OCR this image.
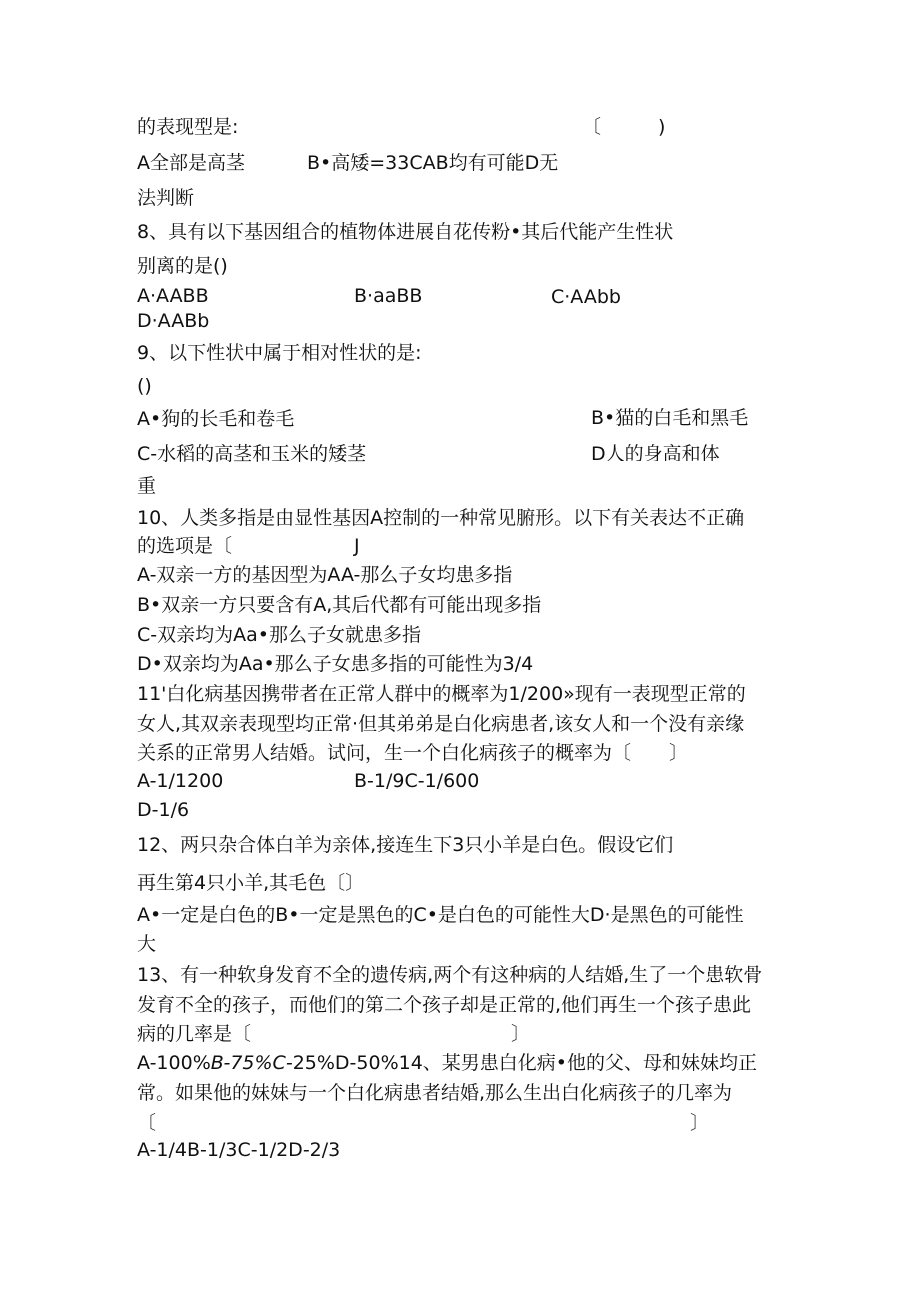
的表现型是:	〔　　　)
A全部是高茎	B•高矮=33CAB均有可能D无
法判断
8、具有以下基因组合的植物体进展自花传粉•其后代能产生性状
别离的是()
A·AABB	B·aaBB	C·AAbb
D·AABb
9、以下性状中属于相对性状的是:
()
A•狗的长毛和卷毛	B•猫的白毛和黑毛
C-水稻的高茎和玉米的矮茎	D人的身高和体
重
10、人类多指是由显性基因A控制的一种常见腑形。以下有关表达不正确
的选项是〔	J
A-双亲一方的基因型为AA-那么子女均患多指
B•双亲一方只要含有A,其后代都有可能出现多指
C-双亲均为Aa•那么子女就患多指
D•双亲均为Aa•那么子女患多指的可能性为3/4
11'白化病基因携带者在正常人群中的概率为1/200»现有一表现型正常的
女人,其双亲表现型均正常·但其弟弟是白化病患者,该女人和一个没有亲缘
关系的正常男人结婚。试问，生一个白化病孩子的概率为〔　　〕
A-1/1200	B-1/9C-1/600
D-1/6
12、两只杂合体白羊为亲体,接连生下3只小羊是白色。假设它们
再生第4只小羊,其毛色〔〕
A•一定是白色的B•一定是黑色的C•是白色的可能性大D·是黑色的可能性
大
13、有一种软身发育不全的遗传病,两个有这种病的人结婚,生了一个患软骨
发育不全的孩子，而他们的第二个孩子却是正常的,他们再生一个孩子患此
病的几率是〔	〕
A-100%B-75%C-25%D-50%14、某男患白化病•他的父、母和妹妹均正
常。如果他的妹妹与一个白化病患者结婚,那么生出白化病孩子的几率为
〔	〕
A-1/4B-1/3C-1/2D-2/3
